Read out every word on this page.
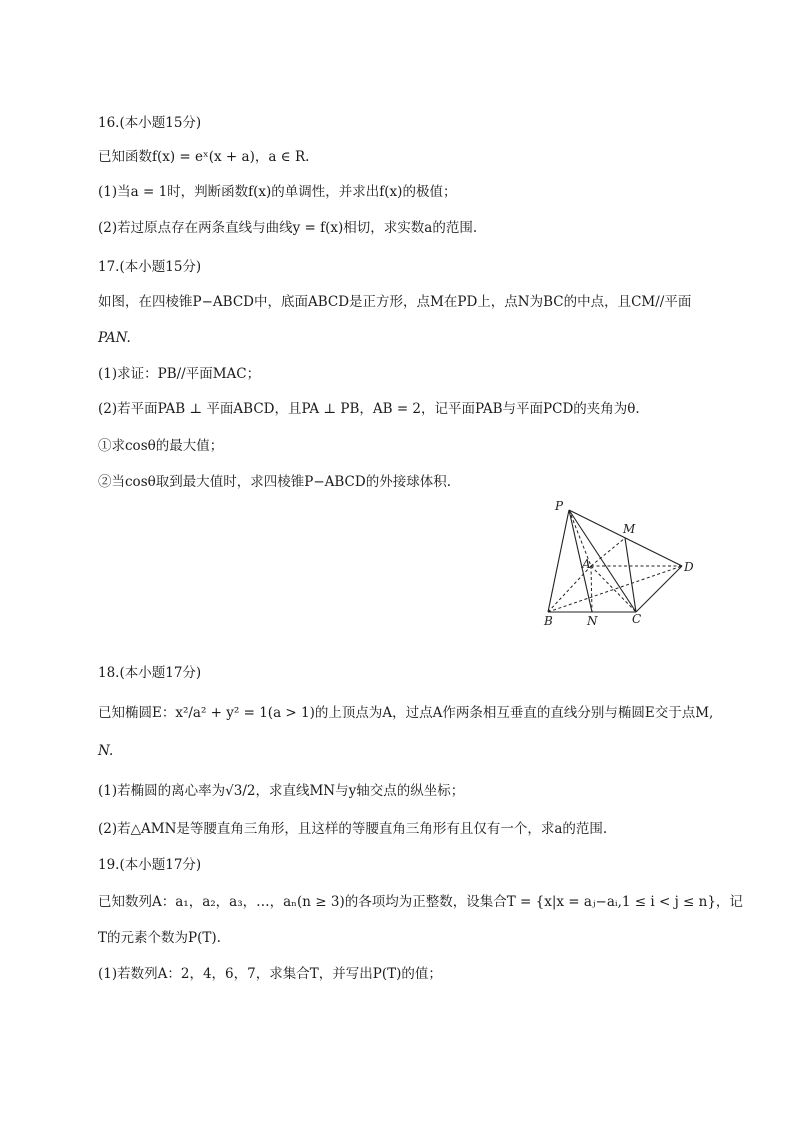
16.(本小题15分)
已知函数f(x) = eˣ(x + a)，a ∈ R.
(1)当a = 1时，判断函数f(x)的单调性，并求出f(x)的极值；
(2)若过原点存在两条直线与曲线y = f(x)相切，求实数a的范围.
17.(本小题15分)
如图，在四棱锥P−ABCD中，底面ABCD是正方形，点M在PD上，点N为BC的中点，且CM//平面
PAN.
(1)求证：PB//平面MAC；
(2)若平面PAB ⊥ 平面ABCD，且PA ⊥ PB，AB = 2，记平面PAB与平面PCD的夹角为θ.
①求cosθ的最大值；
②当cosθ取到最大值时，求四棱锥P−ABCD的外接球体积.
P
M
A	D
B	N	C
18.(本小题17分)
已知椭圆E：x²/a² + y² = 1(a > 1)的上顶点为A，过点A作两条相互垂直的直线分别与椭圆E交于点M,
N.
(1)若椭圆的离心率为√3/2，求直线MN与y轴交点的纵坐标；
(2)若△AMN是等腰直角三角形，且这样的等腰直角三角形有且仅有一个，求a的范围.
19.(本小题17分)
已知数列A：a₁，a₂，a₃，…，aₙ(n ≥ 3)的各项均为正整数，设集合T = {x|x = aⱼ−aᵢ,1 ≤ i < j ≤ n}，记
T的元素个数为P(T).
(1)若数列A：2，4，6，7，求集合T，并写出P(T)的值；
